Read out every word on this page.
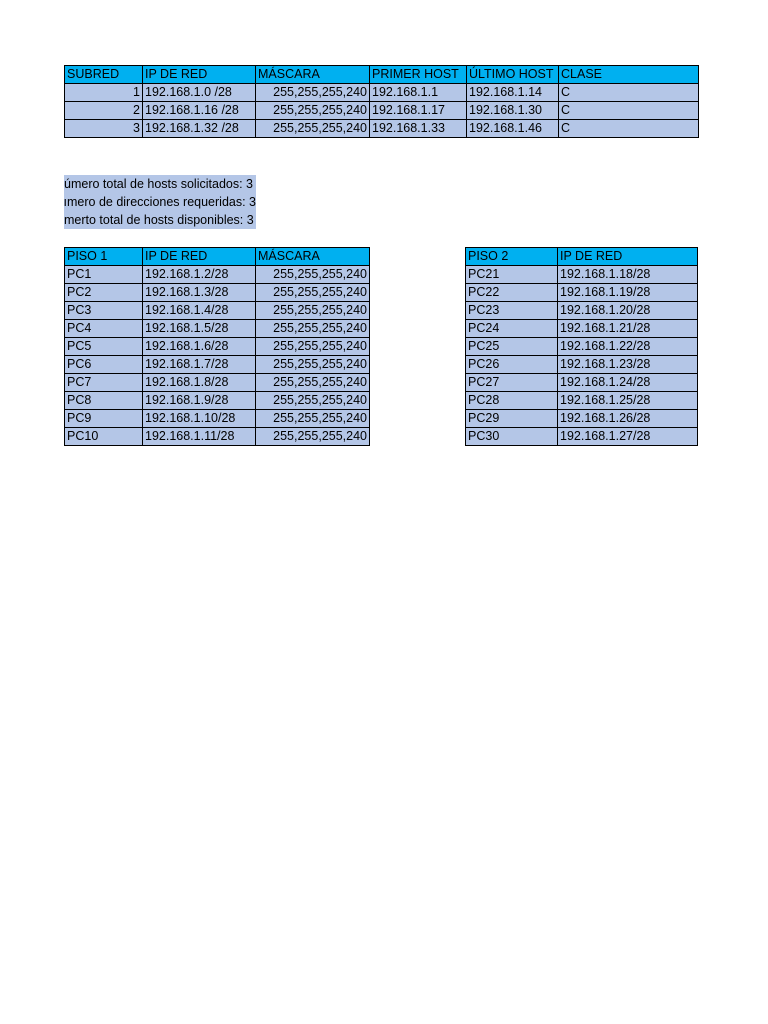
SUBRED	IP DE RED	MÁSCARA	PRIMER HOST	ÚLTIMO HOST	CLASE
1	192.168.1.0 /28	255,255,255,240	192.168.1.1	192.168.1.14	C
2	192.168.1.16 /28	255,255,255,240	192.168.1.17	192.168.1.30	C
3	192.168.1.32 /28	255,255,255,240	192.168.1.33	192.168.1.46	C
úmero total de hosts solicitados: 3
ımero de direcciones requeridas: 3
merto total de hosts disponibles: 3
PISO 1	IP DE RED	MÁSCARA
PC1	192.168.1.2/28	255,255,255,240
PC2	192.168.1.3/28	255,255,255,240
PC3	192.168.1.4/28	255,255,255,240
PC4	192.168.1.5/28	255,255,255,240
PC5	192.168.1.6/28	255,255,255,240
PC6	192.168.1.7/28	255,255,255,240
PC7	192.168.1.8/28	255,255,255,240
PC8	192.168.1.9/28	255,255,255,240
PC9	192.168.1.10/28	255,255,255,240
PC10	192.168.1.11/28	255,255,255,240
PISO 2	IP DE RED
PC21	192.168.1.18/28
PC22	192.168.1.19/28
PC23	192.168.1.20/28
PC24	192.168.1.21/28
PC25	192.168.1.22/28
PC26	192.168.1.23/28
PC27	192.168.1.24/28
PC28	192.168.1.25/28
PC29	192.168.1.26/28
PC30	192.168.1.27/28
